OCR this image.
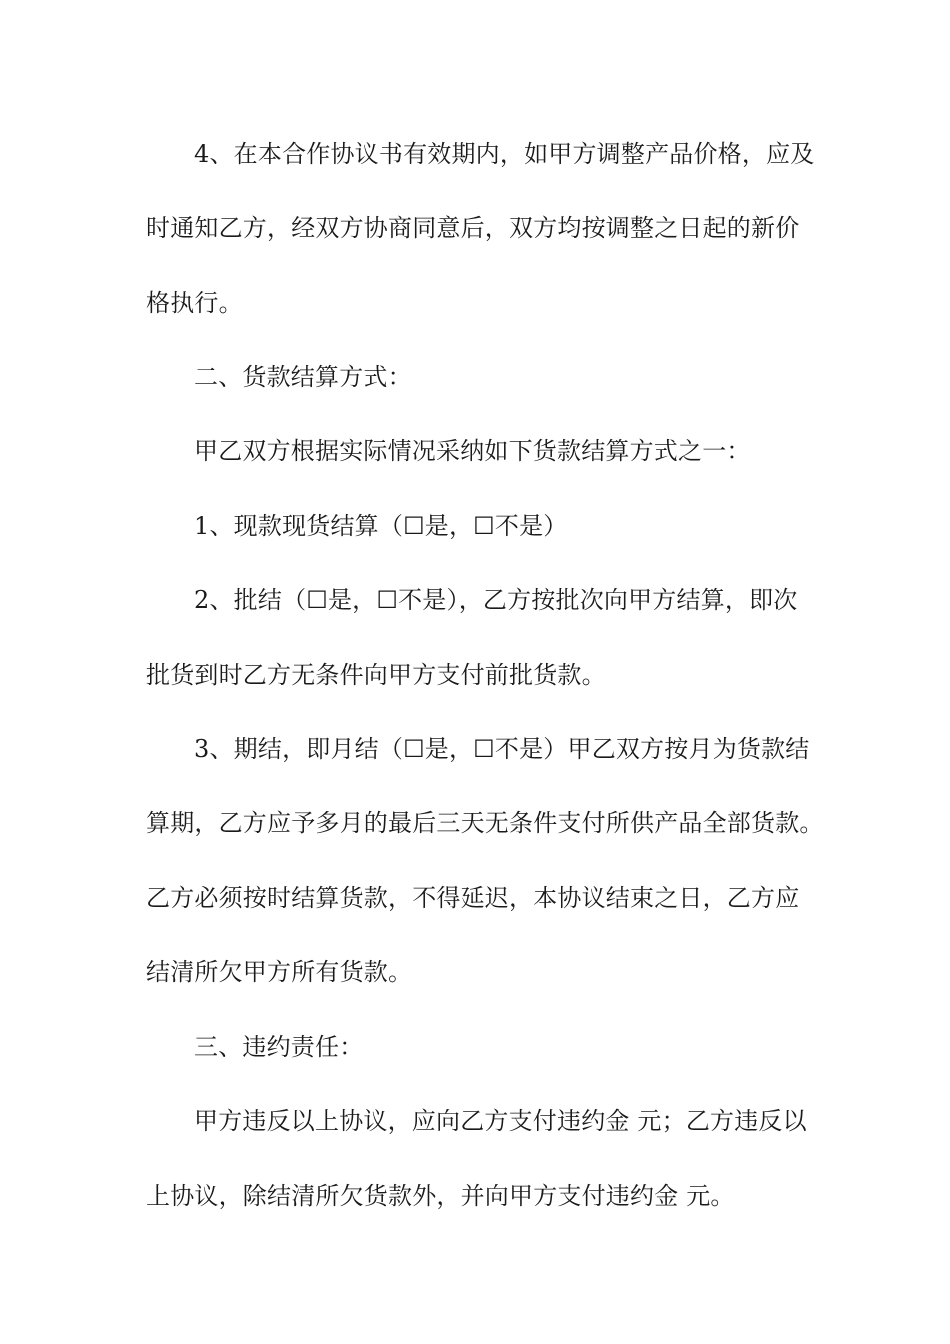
4、在本合作协议书有效期内，如甲方调整产品价格，应及
时通知乙方，经双方协商同意后，双方均按调整之日起的新价
格执行。
二、货款结算方式：
甲乙双方根据实际情况采纳如下货款结算方式之一：
1、现款现货结算（☐是，☐不是）
2、批结（☐是，☐不是），乙方按批次向甲方结算，即次
批货到时乙方无条件向甲方支付前批货款。
3、期结，即月结（☐是，☐不是）甲乙双方按月为货款结
算期，乙方应予多月的最后三天无条件支付所供产品全部货款。
乙方必须按时结算货款，不得延迟，本协议结束之日，乙方应
结清所欠甲方所有货款。
三、违约责任：
甲方违反以上协议，应向乙方支付违约金 元；乙方违反以
上协议，除结清所欠货款外，并向甲方支付违约金 元。
